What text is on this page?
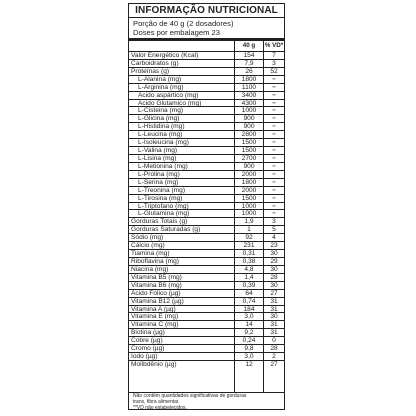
INFORMAÇÃO NUTRICIONAL
Porção de 40 g (2 dosadores)
Doses por embalagem 23
40 g	% VD*
Valor Energético (Kcal)	154	7
Carboidratos (g)	7,9	3
Proteínas (g)	26	52
L-Alanina (mg)	1800	**
L-Arginina (mg)	1100	**
Acido aspártico (mg)	3400	**
Acido Glutamico (mg)	4300	**
L-Cisteina (mg)	1000	**
L-Glicina (mg)	900	**
L-Histidina (mg)	900	**
L-Leucina (mg)	2800	**
L-Isoleucina (mg)	1500	**
L-Valina (mg)	1500	**
L-Lisina (mg)	2700	**
L-Metionina (mg)	900	**
L-Prolina (mg)	2000	**
L-Serina (mg)	1800	**
L-Treonina (mg)	2000	**
L-Tirosina (mg)	1500	**
L-Triptofano (mg)	1000	**
L-Glutamina (mg)	1000	**
Gorduras Totais (g)	1,9	3
Gorduras Saturadas (g)	1	5
Sódio (mg)	92	4
Cálcio (mg)	231	23
Tiamina (mg)	0,31	30
Riboflavina (mg)	0,38	29
Niacina (mg)	4,8	30
Vitamina B5 (mg)	1,4	28
Vitamina B6 (mg)	0,39	30
Ácido Fólico (µg)	64	27
Vitamina B12 (µg)	0,74	31
Vitamina A (µg)	184	31
Vitamina E (mg)	3,0	30
Vitamina C (mg)	14	31
Biotina (µg)	9,2	31
Cobre (µg)	0,24	0
Cromo (µg)	9,8	28
Iodo (µg)	3,0	2
Molibdênio (µg)	12	27
Não contém quantidades significativas de gorduras
trans, fibra alimentar.
**VD não estabelecidos.
